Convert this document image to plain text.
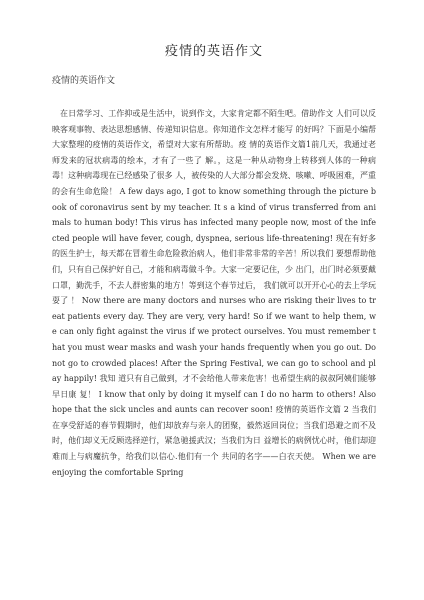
疫情的英语作文
疫情的英语作文

在日常学习、工作抑或是生活中，说到作文，大家肯定都不陌生吧。借助作文 人们可以反映客观事物、表达思想感情、传递知识信息。你知道作文怎样才能写 的好吗？下面是小编帮大家整理的疫情的英语作文，希望对大家有所帮助。疫 情的英语作文篇1前几天，我通过老师发来的冠状病毒的绘本，才有了一些了 解。，这是一种从动物身上转移到人体的一种病毒！这种病毒现在已经感染了很多 人，被传染的人大部分都会发烧、咳嗽、呼吸困难，严重的会有生命危险！ A few days ago, I got to know something through the picture book of coronavirus sent by my teacher. It s a kind of virus transferred from animals to human body! This virus has infected many people now, most of the infected people will have fever, cough, dyspnea, serious life-threatening! 现在有好多 的医生护士，每天都在冒着生命危险救治病人，他们非常非常的辛苦！所以我们 要想帮助他们，只有自己保护好自己，才能和病毒做斗争。大家一定要记住，少 出门，出门时必须要戴口罩，勤洗手，不去人群密集的地方！等到这个春节过后， 我们就可以开开心心的去上学玩耍了 ！ Now there are many doctors and nurses who are risking their lives to treat patients every day. They are very, very hard! So if we want to help them, we can only fight against the virus if we protect ourselves. You must remember that you must wear masks and wash your hands frequently when you go out. Do not go to crowded places! After the Spring Festival, we can go to school and play happily! 我知 道只有自己做到，才不会给他人带来危害！也希望生病的叔叔阿姨们能够早日康 复！ I know that only by doing it myself can I do no harm to others! Also hope that the sick uncles and aunts can recover soon! 疫情的英语作文篇 2 当我们在享受舒适的春节假期时，他们却放弃与亲人的团聚，毅然返回岗位；当我们恐避之而不及时，他们却义无反顾选择逆行，紧急驰援武汉；当我们为日 益增长的病例忧心时，他们却迎难而上与病魔抗争，给我们以信心.他们有一个 共同的名字——白衣天使。 When we are enjoying the comfortable Spring
